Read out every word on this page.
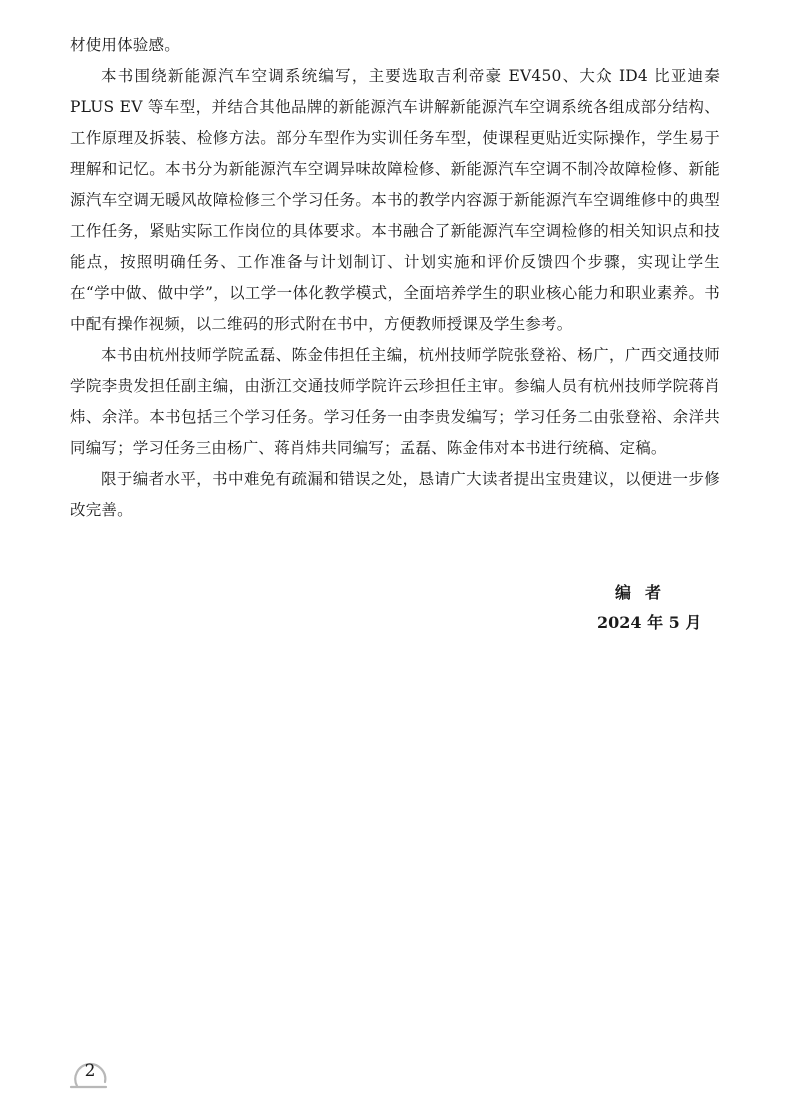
材使用体验感。

本书围绕新能源汽车空调系统编写，主要选取吉利帝豪 EV450、大众 ID4 比亚迪秦 PLUS EV 等车型，并结合其他品牌的新能源汽车讲解新能源汽车空调系统各组成部分结构、工作原理及拆装、检修方法。部分车型作为实训任务车型，使课程更贴近实际操作，学生易于理解和记忆。本书分为新能源汽车空调异味故障检修、新能源汽车空调不制冷故障检修、新能源汽车空调无暖风故障检修三个学习任务。本书的教学内容源于新能源汽车空调维修中的典型工作任务，紧贴实际工作岗位的具体要求。本书融合了新能源汽车空调检修的相关知识点和技能点，按照明确任务、工作准备与计划制订、计划实施和评价反馈四个步骤，实现让学生在“学中做、做中学”，以工学一体化教学模式，全面培养学生的职业核心能力和职业素养。书中配有操作视频，以二维码的形式附在书中，方便教师授课及学生参考。

本书由杭州技师学院孟磊、陈金伟担任主编，杭州技师学院张登裕、杨广，广西交通技师学院李贵发担任副主编，由浙江交通技师学院许云珍担任主审。参编人员有杭州技师学院蒋肖炜、余洋。本书包括三个学习任务。学习任务一由李贵发编写；学习任务二由张登裕、余洋共同编写；学习任务三由杨广、蒋肖炜共同编写；孟磊、陈金伟对本书进行统稿、定稿。

限于编者水平，书中难免有疏漏和错误之处，恳请广大读者提出宝贵建议，以便进一步修改完善。

编者
2024 年 5 月
2
